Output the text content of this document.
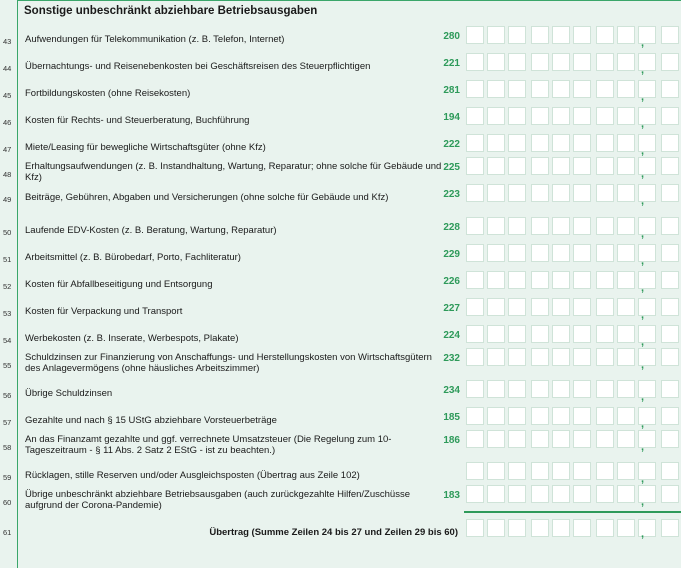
Sonstige unbeschränkt abziehbare Betriebsausgaben
43	Aufwendungen für Telekommunikation (z. B. Telefon, Internet)	280
,
44	Übernachtungs- und Reisenebenkosten bei Geschäftsreisen des Steuerpflichtigen	221
,
45	Fortbildungskosten (ohne Reisekosten)	281
,
46	Kosten für Rechts- und Steuerberatung, Buchführung	194
,
47	Miete/Leasing für bewegliche Wirtschaftsgüter (ohne Kfz)	222
,
48
Erhaltungsaufwendungen (z. B. Instandhaltung, Wartung, Reparatur; ohne solche für Gebäude und Kfz)
225
,
49	Beiträge, Gebühren, Abgaben und Versicherungen (ohne solche für Gebäude und Kfz)	223
,
50	Laufende EDV-Kosten (z. B. Beratung, Wartung, Reparatur)	228
,
51	Arbeitsmittel (z. B. Bürobedarf, Porto, Fachliteratur)	229
,
52	Kosten für Abfallbeseitigung und Entsorgung	226
,
53	Kosten für Verpackung und Transport	227
,
54	Werbekosten (z. B. Inserate, Werbespots, Plakate)	224
,
55
Schuldzinsen zur Finanzierung von Anschaffungs- und Herstellungskosten von Wirtschaftsgütern des Anlagevermögens (ohne häusliches Arbeitszimmer)
232
,
56	Übrige Schuldzinsen	234
,
57	Gezahlte und nach § 15 UStG abziehbare Vorsteuerbeträge	185
,
58
An das Finanzamt gezahlte und ggf. verrechnete Umsatzsteuer (Die Regelung zum 10-Tageszeitraum - § 11 Abs. 2 Satz 2 EStG - ist zu beachten.)
186
,
59	Rücklagen, stille Reserven und/oder Ausgleichsposten (Übertrag aus Zeile 102)	,
60
Übrige unbeschränkt abziehbare Betriebsausgaben (auch zurückgezahlte Hilfen/Zuschüsse aufgrund der Corona-Pandemie)
183
,
61	Übertrag (Summe Zeilen 24 bis 27 und Zeilen 29 bis 60)	,
